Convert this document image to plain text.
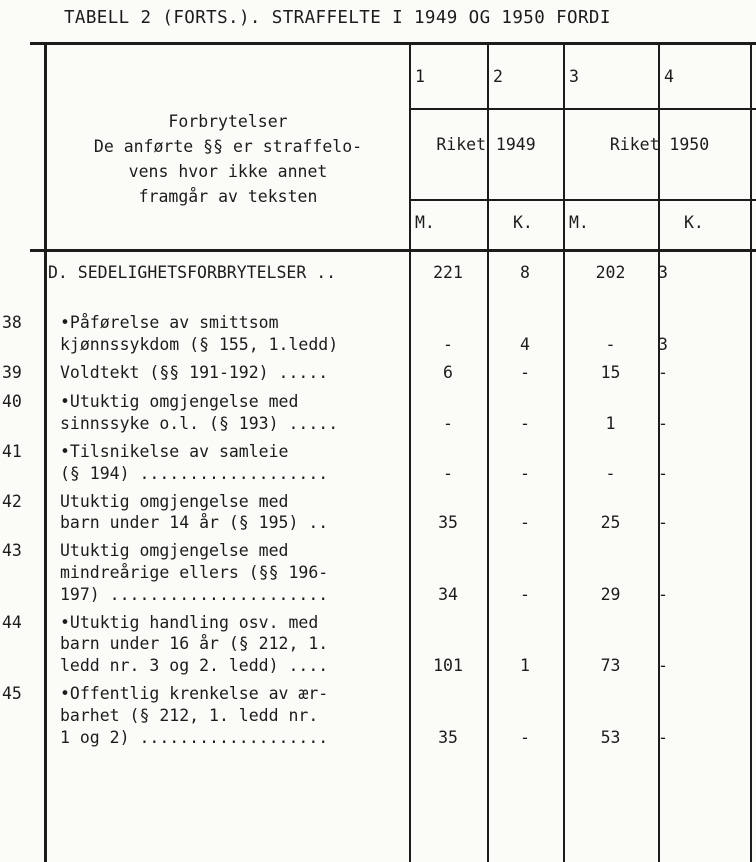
TABELL 2 (FORTS.). STRAFFELTE I 1949 OG 1950 FORDI
Forbrytelser
De anførte §§ er straffelo-
vens hvor ikke annet
framgår av teksten
1	2	3	4
Riket 1949	Riket 1950
M.	K.	M.	K.
D. SEDELIGHETSFORBRYTELSER ..	221	8	202	3
38	•Påførelse av smittsom
kjønnssykdom (§ 155, 1.ledd)	-	4	-	3
39	Voldtekt (§§ 191-192) .....	6	-	15	-
40	•Utuktig omgjengelse med
sinnssyke o.l. (§ 193) .....	-	-	1	-
41	•Tilsnikelse av samleie
(§ 194) ...................	-	-	-	-
42	Utuktig omgjengelse med
barn under 14 år (§ 195) ..	35	-	25	-
43	Utuktig omgjengelse med
mindreårige ellers (§§ 196-
197) ......................	34	-	29	-
44	•Utuktig handling osv. med
barn under 16 år (§ 212, 1.
ledd nr. 3 og 2. ledd) ....	101	1	73	-
45	•Offentlig krenkelse av ær-
barhet (§ 212, 1. ledd nr.
1 og 2) ...................	35	-	53	-
